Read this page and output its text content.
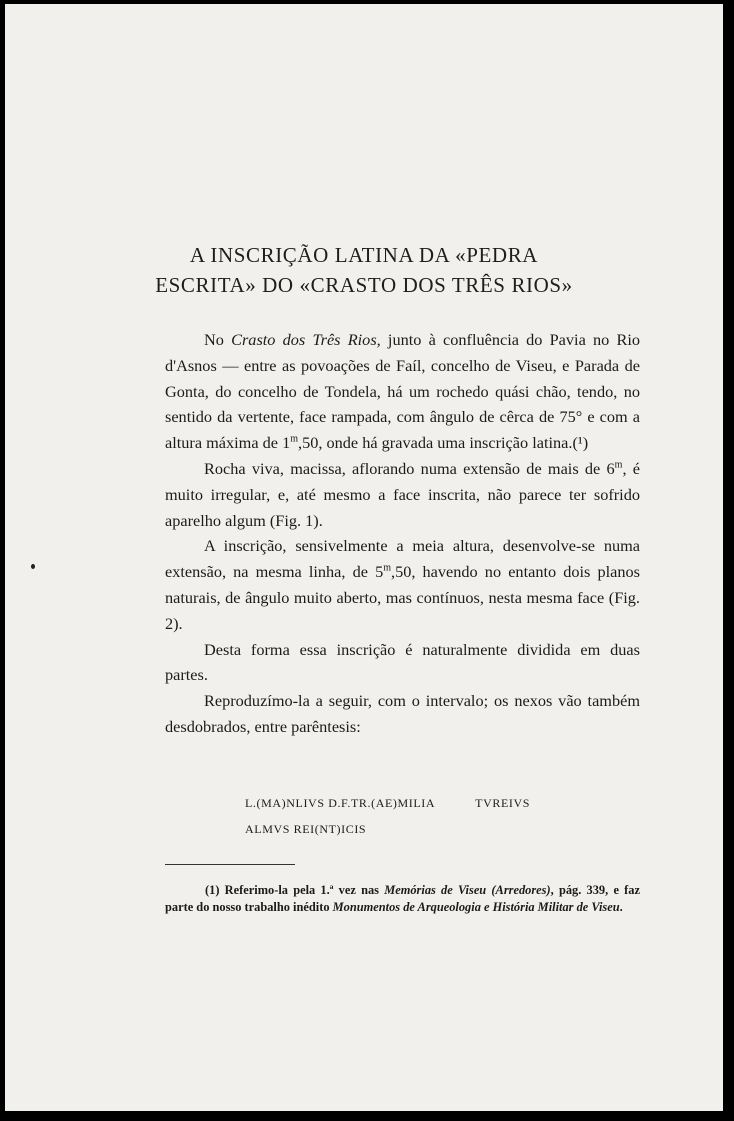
A INSCRIÇÃO LATINA DA «PEDRA
ESCRITA» DO «CRASTO DOS TRÊS RIOS»

No Crasto dos Três Rios, junto à confluência do Pavia no Rio d'Asnos — entre as povoações de Faíl, concelho de Viseu, e Parada de Gonta, do concelho de Tondela, há um rochedo quási chão, tendo, no sentido da vertente, face rampada, com ângulo de cêrca de 75° e com a altura máxima de 1$^m$,50, onde há gravada uma inscrição latina.(¹)

Rocha viva, macissa, aflorando numa extensão de mais de 6$^m$, é muito irregular, e, até mesmo a face inscrita, não parece ter sofrido aparelho algum (Fig. 1).

A inscrição, sensivelmente a meia altura, desenvolve-se numa extensão, na mesma linha, de 5$^m$,50, havendo no entanto dois planos naturais, de ângulo muito aberto, mas contínuos, nesta mesma face (Fig. 2).

Desta forma essa inscrição é naturalmente dividida em duas partes.

Reproduzímo-la a seguir, com o intervalo; os nexos vão também desdobrados, entre parêntesis:

L.(MA)NLIVS D.F.TR.(AE)MILIA	TVREIVS
ALMVS REI(NT)ICIS
(1) Referimo-la pela 1.ª vez nas Memórias de Viseu (Arredores), pág. 339, e faz parte do nosso trabalho inédito Monumentos de Arqueologia e História Militar de Viseu.
